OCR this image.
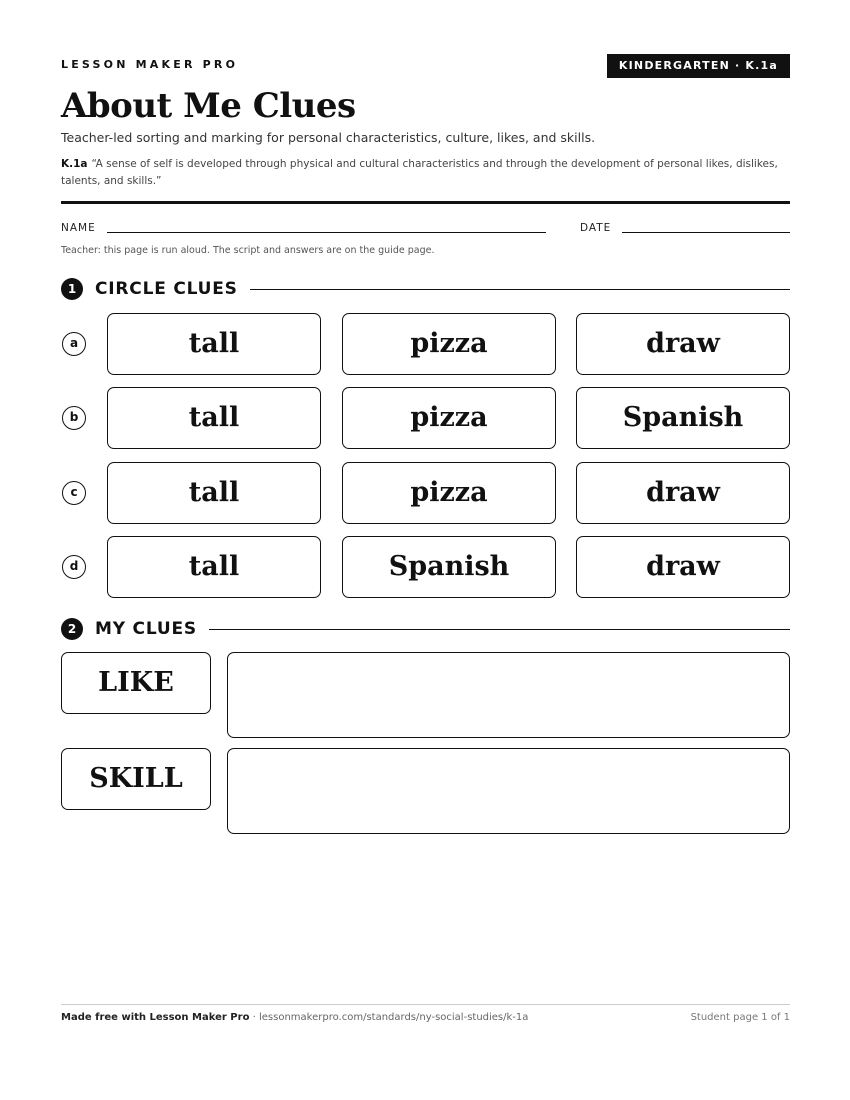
LESSON MAKER PRO	KINDERGARTEN · K.1a
About Me Clues
Teacher-led sorting and marking for personal characteristics, culture, likes, and skills.
K.1a “A sense of self is developed through physical and cultural characteristics and through the development of personal likes, dislikes, talents, and skills.”
NAME	DATE
Teacher: this page is run aloud. The script and answers are on the guide page.
1	CIRCLE CLUES
a	tall	pizza	draw
b	tall	pizza	Spanish
c	tall	pizza	draw
d	tall	Spanish	draw
2	MY CLUES
LIKE
SKILL
Made free with Lesson Maker Pro · lessonmakerpro.com/standards/ny-social-studies/k-1a	Student page 1 of 1
